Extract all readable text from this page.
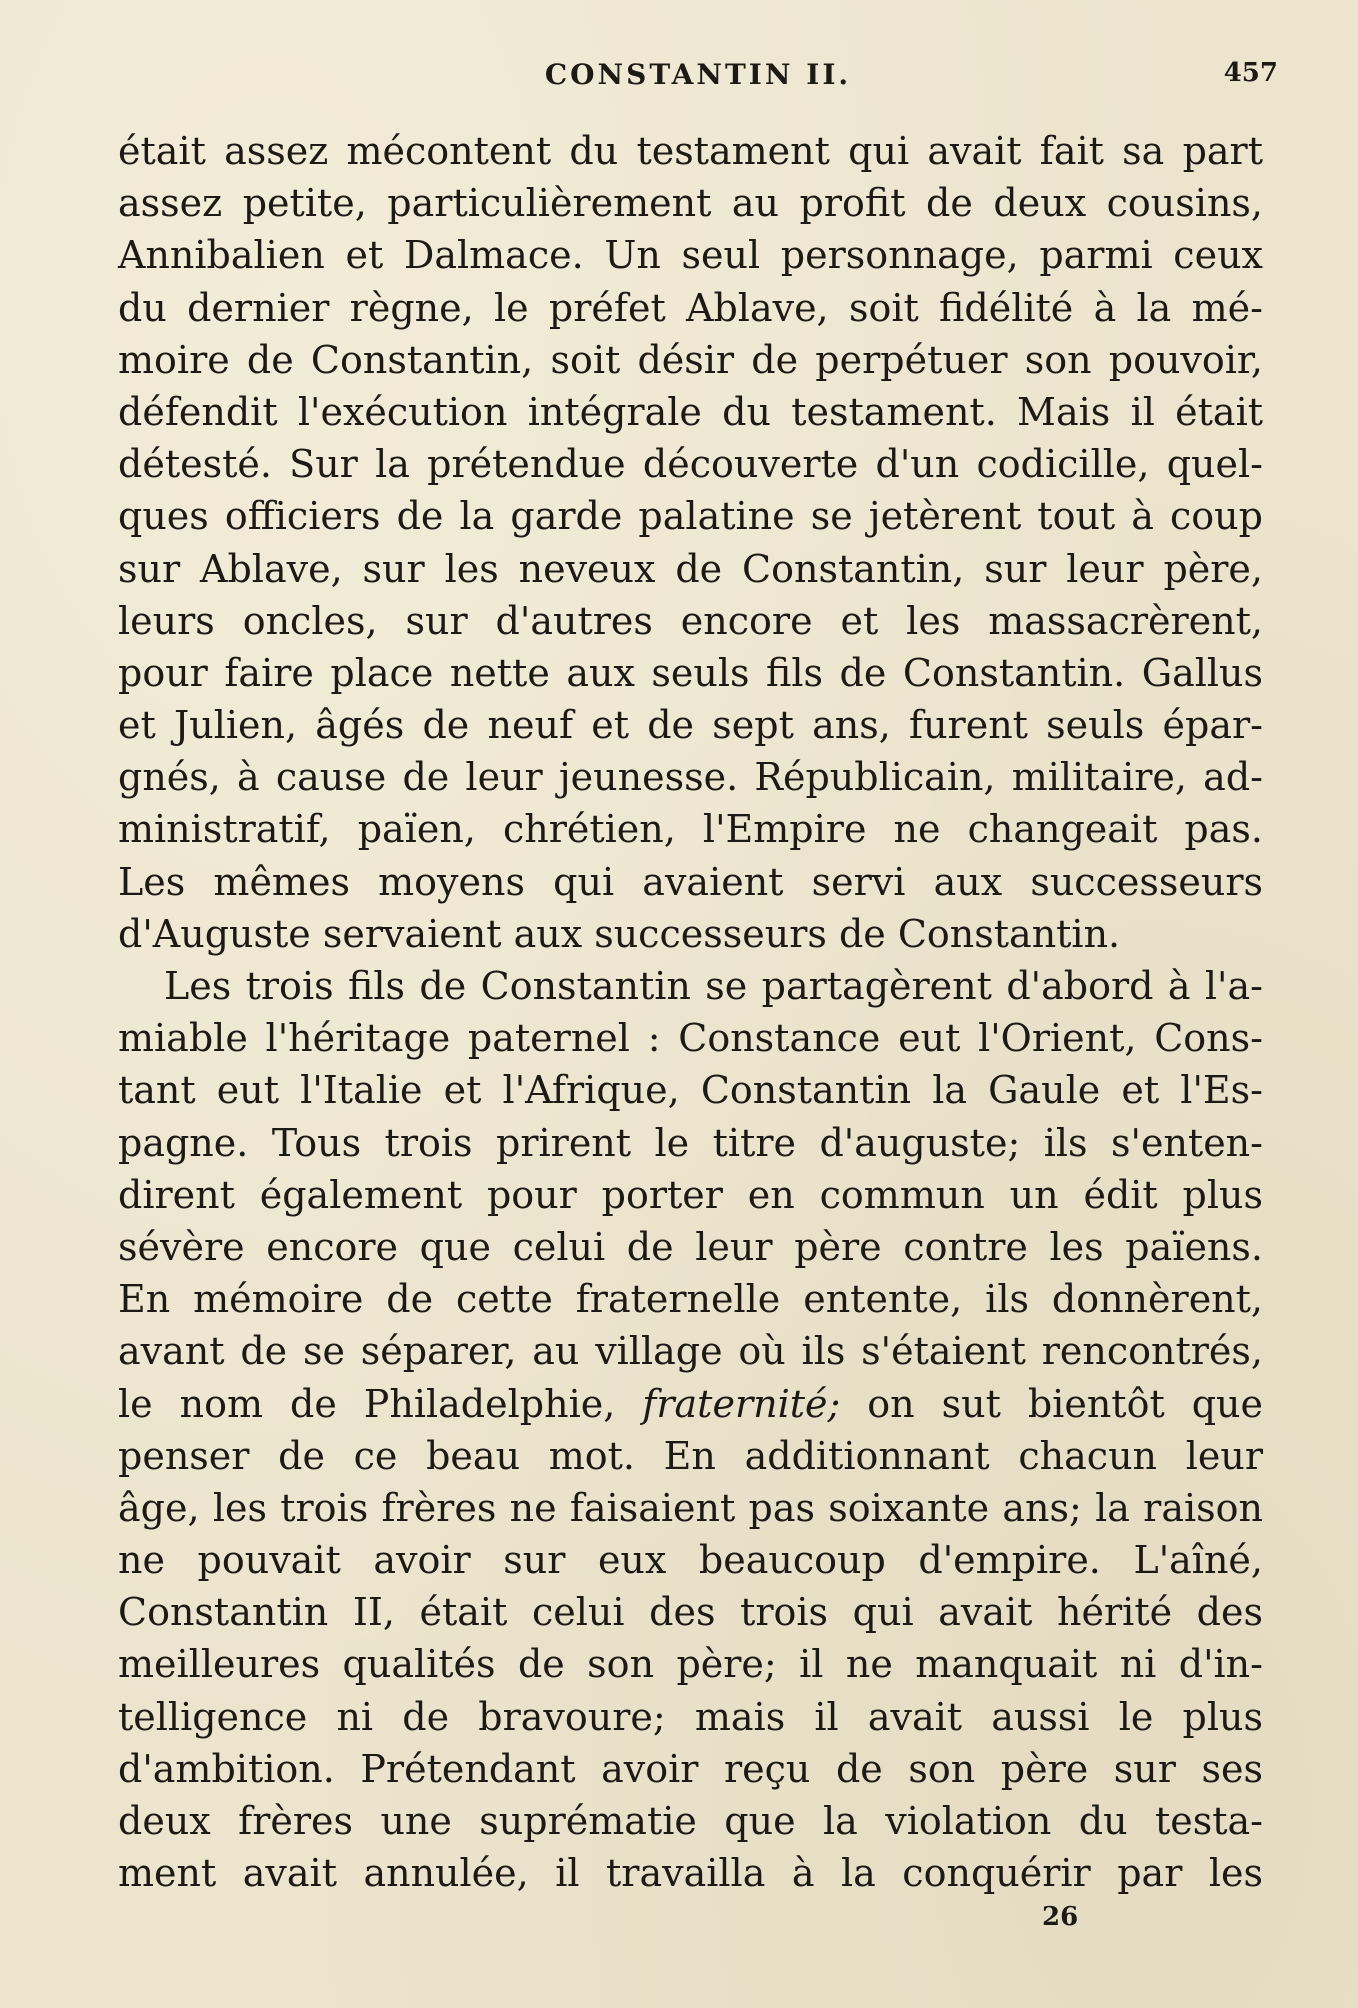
CONSTANTIN II.	457
était assez mécontent du testament qui avait fait sa part
assez petite, particulièrement au profit de deux cousins,
Annibalien et Dalmace. Un seul personnage, parmi ceux
du dernier règne, le préfet Ablave, soit fidélité à la mé-
moire de Constantin, soit désir de perpétuer son pouvoir,
défendit l'exécution intégrale du testament. Mais il était
détesté. Sur la prétendue découverte d'un codicille, quel-
ques officiers de la garde palatine se jetèrent tout à coup
sur Ablave, sur les neveux de Constantin, sur leur père,
leurs oncles, sur d'autres encore et les massacrèrent,
pour faire place nette aux seuls fils de Constantin. Gallus
et Julien, âgés de neuf et de sept ans, furent seuls épar-
gnés, à cause de leur jeunesse. Républicain, militaire, ad-
ministratif, païen, chrétien, l'Empire ne changeait pas.
Les mêmes moyens qui avaient servi aux successeurs
d'Auguste servaient aux successeurs de Constantin.
Les trois fils de Constantin se partagèrent d'abord à l'a-
miable l'héritage paternel : Constance eut l'Orient, Cons-
tant eut l'Italie et l'Afrique, Constantin la Gaule et l'Es-
pagne. Tous trois prirent le titre d'auguste; ils s'enten-
dirent également pour porter en commun un édit plus
sévère encore que celui de leur père contre les païens.
En mémoire de cette fraternelle entente, ils donnèrent,
avant de se séparer, au village où ils s'étaient rencontrés,
le nom de Philadelphie, fraternité; on sut bientôt que
penser de ce beau mot. En additionnant chacun leur
âge, les trois frères ne faisaient pas soixante ans; la raison
ne pouvait avoir sur eux beaucoup d'empire. L'aîné,
Constantin II, était celui des trois qui avait hérité des
meilleures qualités de son père; il ne manquait ni d'in-
telligence ni de bravoure; mais il avait aussi le plus
d'ambition. Prétendant avoir reçu de son père sur ses
deux frères une suprématie que la violation du testa-
ment avait annulée, il travailla à la conquérir par les
26
